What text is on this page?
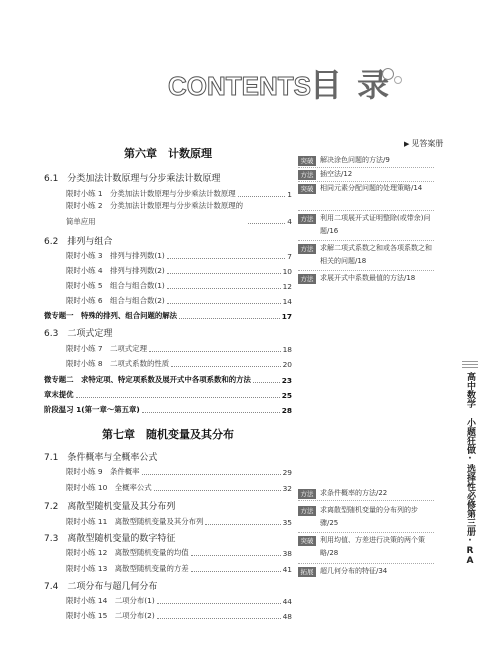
CONTENTS 目 录
▶ 见答案册
第六章　计数原理
6.1　分类加法计数原理与分步乘法计数原理
限时小练 1　分类加法计数原理与分步乘法计数原理	1
限时小练 2　分类加法计数原理与分步乘法计数原理的简单应用	4
6.2　排列与组合
限时小练 3　排列与排列数(1)	7
限时小练 4　排列与排列数(2)	10
限时小练 5　组合与组合数(1)	12
限时小练 6　组合与组合数(2)	14
微专题一　特殊的排列、组合问题的解法	17
6.3　二项式定理
限时小练 7　二项式定理	18
限时小练 8　二项式系数的性质	20
微专题二　求特定项、特定项系数及展开式中各项系数和的方法	23
章末提优	25
阶段温习 1(第一章～第五章)	28
第七章　随机变量及其分布
7.1　条件概率与全概率公式
限时小练 9　条件概率	29
限时小练 10　全概率公式	32
7.2　离散型随机变量及其分布列
限时小练 11　离散型随机变量及其分布列	35
7.3　离散型随机变量的数字特征
限时小练 12　离散型随机变量的均值	38
限时小练 13　离散型随机变量的方差	41
7.4　二项分布与超几何分布
限时小练 14　二项分布(1)	44
限时小练 15　二项分布(2)	48
突破 解决涂色问题的方法/9
方法 插空法/12
突破 相同元素分配问题的处理策略/14
方法 利用二项展开式证明整除(或带余)问题/16
方法 求解二项式系数之和或各项系数之和相关的问题/18
方法 求展开式中系数最值的方法/18
方法 求条件概率的方法/22
方法 求离散型随机变量的分布列的步骤/25
突破 利用均值、方差进行决策的两个策略/28
拓展 超几何分布的特征/34
高中数学 小题狂做·选择性必修第三册·RA
